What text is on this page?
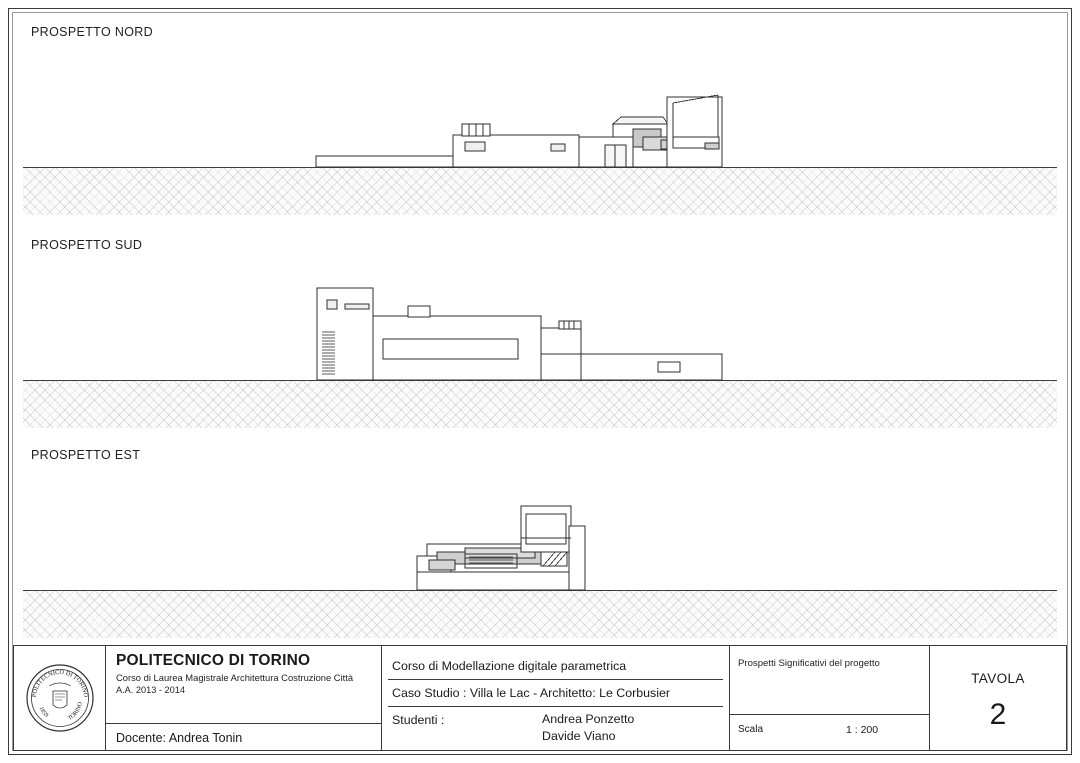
PROSPETTO NORD
PROSPETTO SUD
PROSPETTO EST
POLITECNICO DI TORINO
1859	TORINO
POLITECNICO DI TORINO
Corso di Laurea Magistrale Architettura Costruzione Città
A.A. 2013 - 2014
Docente: Andrea Tonin
Corso di Modellazione digitale parametrica
Caso Studio : Villa le Lac - Architetto: Le Corbusier
Studenti :	Andrea Ponzetto
Davide Viano
Prospetti Significativi del progetto
Scala	1 : 200
TAVOLA
2
